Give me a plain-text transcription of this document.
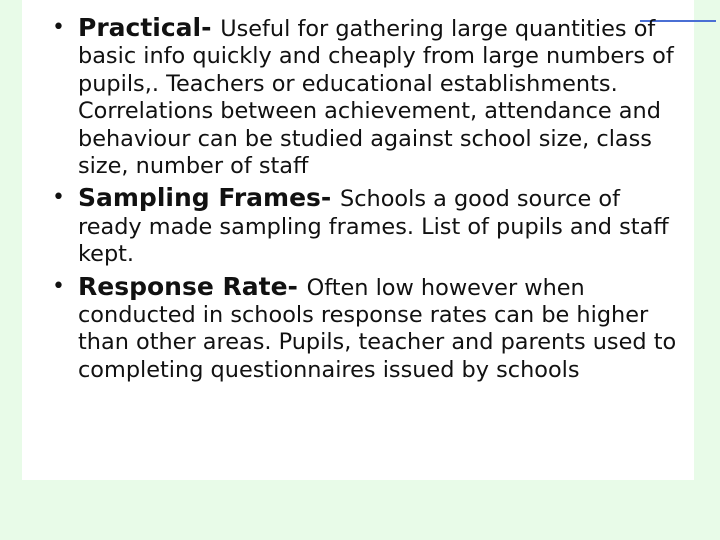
• Practical- Useful for gathering large quantities of basic info quickly and cheaply from large numbers of pupils,. Teachers or educational establishments. Correlations between achievement, attendance and behaviour can be studied against school size, class size, number of staff
• Sampling Frames- Schools a good source of ready made sampling frames. List of pupils and staff kept.
• Response Rate- Often low however when conducted in schools response rates can be higher than other areas. Pupils, teacher and parents used to completing questionnaires issued by schools
